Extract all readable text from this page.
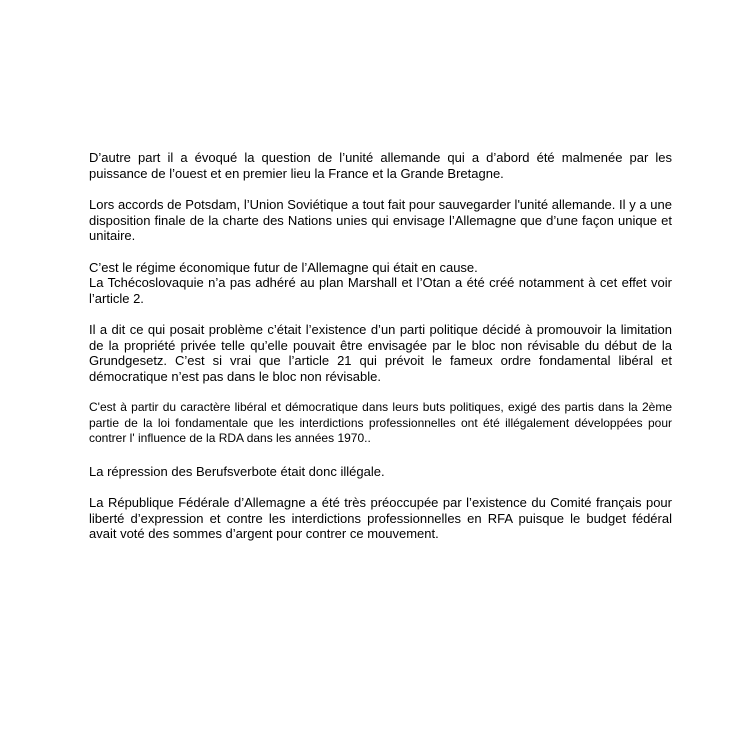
D’autre part il a évoqué la question de l’unité allemande qui a d’abord été malmenée par les puissance de l’ouest et en premier lieu la France et la Grande Bretagne.

Lors accords de Potsdam, l’Union Soviétique a tout fait pour sauvegarder l'unité allemande. Il y a une disposition finale de la charte des Nations unies qui envisage l’Allemagne que d’une façon unique et unitaire.

C’est le régime économique futur de l’Allemagne qui était en cause.
La Tchécoslovaquie n’a pas adhéré au plan Marshall et l’Otan a été créé notamment à cet effet voir l’article 2.

Il a dit ce qui posait problème c’était l’existence d’un parti politique décidé à promouvoir la limitation de la propriété privée telle qu’elle pouvait être envisagée par le bloc non révisable du début de la Grundgesetz. C’est si vrai que l’article 21 qui prévoit le fameux ordre fondamental libéral et démocratique n’est pas dans le bloc non révisable.

C'est à partir du caractère libéral et démocratique dans leurs buts politiques, exigé des partis dans la 2ème partie de la loi fondamentale que les interdictions professionnelles ont été illégalement développées pour contrer l' influence de la RDA dans les années 1970..

La répression des Berufsverbote était donc illégale.

La République Fédérale d’Allemagne a été très préoccupée par l’existence du Comité français pour liberté d’expression et contre les interdictions professionnelles en RFA puisque le budget fédéral avait voté des sommes d’argent pour contrer ce mouvement.
